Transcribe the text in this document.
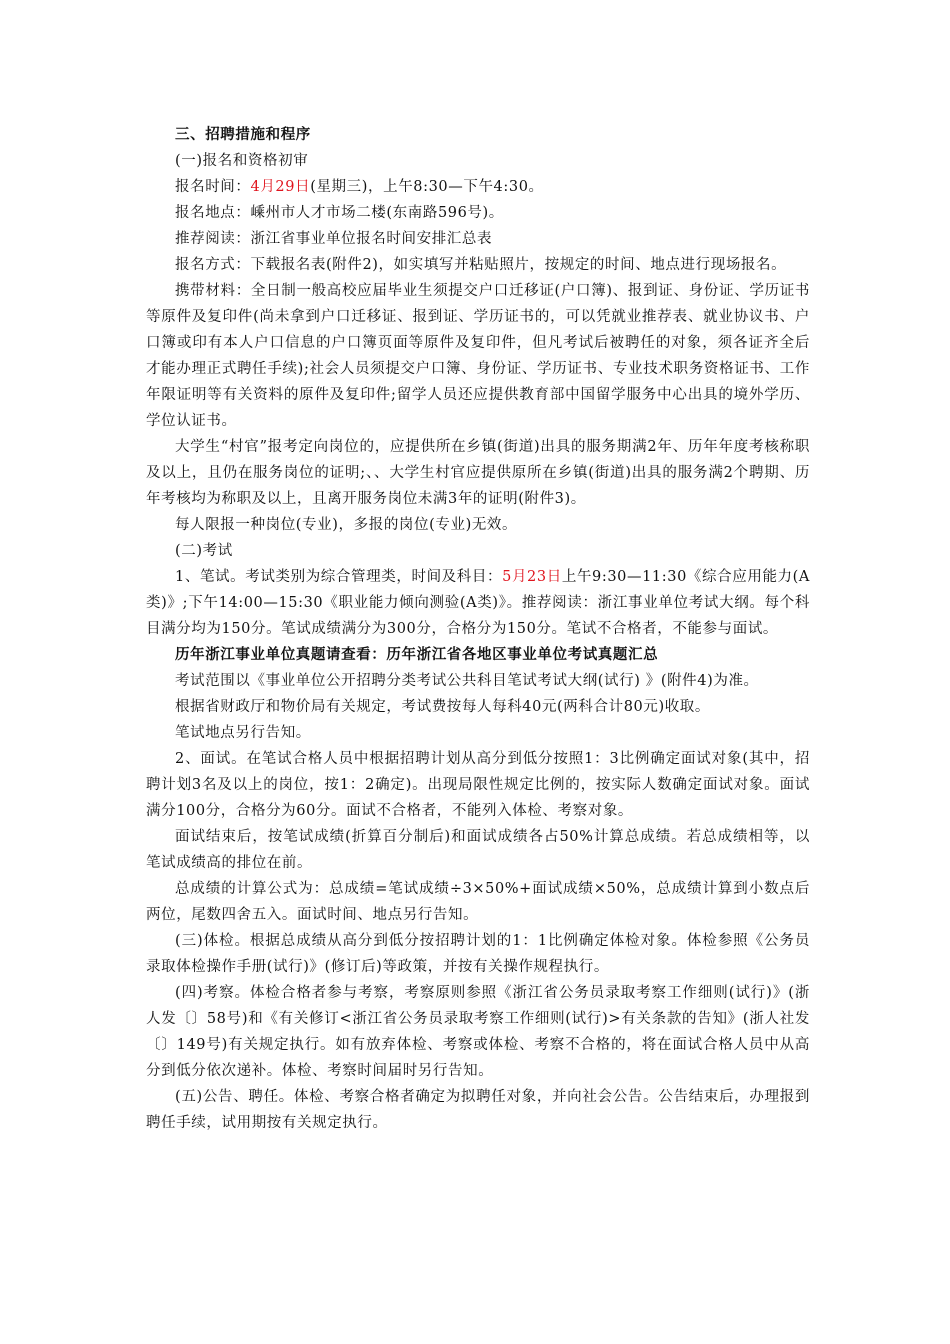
三、招聘措施和程序

(一)报名和资格初审

报名时间：4月29日(星期三)，上午8:30—下午4:30。

报名地点：嵊州市人才市场二楼(东南路596号)。

推荐阅读：浙江省事业单位报名时间安排汇总表

报名方式：下载报名表(附件2)，如实填写并粘贴照片，按规定的时间、地点进行现场报名。

携带材料：全日制一般高校应届毕业生须提交户口迁移证(户口簿)、报到证、身份证、学历证书等原件及复印件(尚未拿到户口迁移证、报到证、学历证书的，可以凭就业推荐表、就业协议书、户口簿或印有本人户口信息的户口簿页面等原件及复印件，但凡考试后被聘任的对象，须各证齐全后才能办理正式聘任手续);社会人员须提交户口簿、身份证、学历证书、专业技术职务资格证书、工作年限证明等有关资料的原件及复印件;留学人员还应提供教育部中国留学服务中心出具的境外学历、学位认证书。

大学生“村官”报考定向岗位的，应提供所在乡镇(街道)出具的服务期满2年、历年年度考核称职及以上，且仍在服务岗位的证明;、、大学生村官应提供原所在乡镇(街道)出具的服务满2个聘期、历年考核均为称职及以上，且离开服务岗位未满3年的证明(附件3)。

每人限报一种岗位(专业)，多报的岗位(专业)无效。

(二)考试

1、笔试。考试类别为综合管理类，时间及科目：5月23日上午9:30—11:30《综合应用能力(A类)》;下午14:00—15:30《职业能力倾向测验(A类)》。推荐阅读：浙江事业单位考试大纲。每个科目满分均为150分。笔试成绩满分为300分，合格分为150分。笔试不合格者，不能参与面试。

历年浙江事业单位真题请查看：历年浙江省各地区事业单位考试真题汇总

考试范围以《事业单位公开招聘分类考试公共科目笔试考试大纲(试行) 》(附件4)为准。

根据省财政厅和物价局有关规定，考试费按每人每科40元(两科合计80元)收取。

笔试地点另行告知。

2、面试。在笔试合格人员中根据招聘计划从高分到低分按照1：3比例确定面试对象(其中，招聘计划3名及以上的岗位，按1：2确定)。出现局限性规定比例的，按实际人数确定面试对象。面试满分100分，合格分为60分。面试不合格者，不能列入体检、考察对象。

面试结束后，按笔试成绩(折算百分制后)和面试成绩各占50%计算总成绩。若总成绩相等，以笔试成绩高的排位在前。

总成绩的计算公式为：总成绩=笔试成绩÷3×50%+面试成绩×50%，总成绩计算到小数点后两位，尾数四舍五入。面试时间、地点另行告知。

(三)体检。根据总成绩从高分到低分按招聘计划的1：1比例确定体检对象。体检参照《公务员录取体检操作手册(试行)》(修订后)等政策，并按有关操作规程执行。

(四)考察。体检合格者参与考察，考察原则参照《浙江省公务员录取考察工作细则(试行)》(浙人发〔〕58号)和《有关修订<浙江省公务员录取考察工作细则(试行)>有关条款的告知》(浙人社发〔〕149号)有关规定执行。如有放弃体检、考察或体检、考察不合格的，将在面试合格人员中从高分到低分依次递补。体检、考察时间届时另行告知。

(五)公告、聘任。体检、考察合格者确定为拟聘任对象，并向社会公告。公告结束后，办理报到聘任手续，试用期按有关规定执行。
